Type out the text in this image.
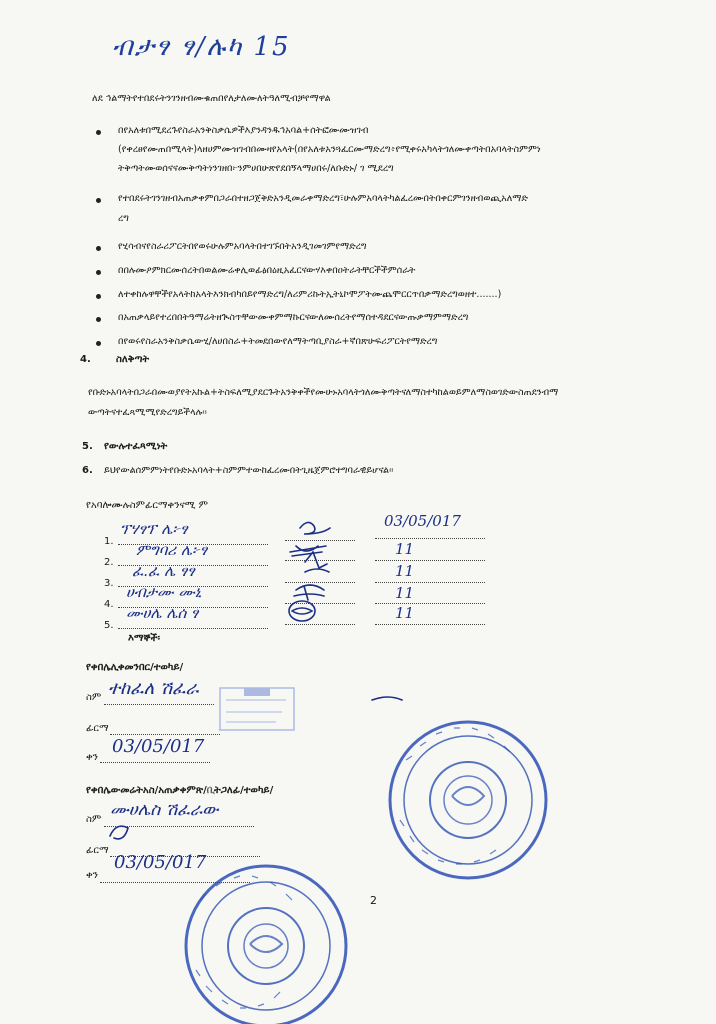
ብታፃ ፃ/ሉካ 15
ለደ ኅልማትየተበደሩትንገንዘብሙቁጠበየለታለሙለትዓለሚብቻየማዋል
በየአለቱበሚደረጉየስራአንቅስቃሴዎችእያንዳንዱኅአባል+ሰትፎሙሙዝገብ
(የቀረፀየሙጠበሚላት)ላዘሀምሙዝገብበሙዛየአላት(በየአለቱአንጓፈርሙማድረግ፥የሚቀሩአካላትጎለሙቀጣትበአባላትስምምነ
ትቅጣትሙወሰናናሙቅጣትነንገዘበ፦ንምሀበሁጽየደበኝላማሀበሩ/ለቡድኑ/ ገ ሚደረግ
የተበደሩትገንገዘብአጠቃቀምበጋራበተዘጋጀቅድአንዲመራቀማድረግ፣ሁሉምአባላትካልፈረሙበትበቀርምገንዘብወጪአለማድ
ረግ
የሂሳብናየስራሪፖርትበየወሩሁሉምአባላትበተገኙበትአንዲገመገምየማድረግ
በበሉሙዖምክርሙሰረትበወልሙሬቀሊወፊፅበዕዚአፈርናውሃእቀበዐትራትቸርችችምሰራት
ለተቀከሉዋቸችየአላትከአላትእንክብካበይየማድረግ/ለሪምሪኩትኢትኒኮሞፖትሙጨሞርርጥበቃማድረግወዘተ.......)
በአጠቃላይየተረበበትዓማሬትዘጒስጥቸውሙቀምማኩርናውለሙሰረትየማሰተዳደርናውጡቃማምማድረግ
በየወሩየስራአንቅስቃሴውሂ/ለሀበስራ+ትመደበውየለማትጣቢያስራ+ኛበጽሁፍሪፖርትየማድረግ
4.	ስለቅጣት
የቡድኑአባላትበጋራበሙወያየትአኩል+ትስፍለሚያደርጉትአንቅቀችየሙሁኑአባላትጎለሙቅጣትናለማስተካከልወይምለማስወገድውስጠደንብማ
ውጣትናተፈጻሚሚየድረግይችላሉ፡፡
5. የውሉተፈጻሚነት
6. ይህየውልሰምምነትየቡድኑአባላት+ስምምተውከፈረሙበትጊዜጀምሮተግባራዊይሆናል፡፡
የአባሎሙሉስምፊርማቀንናሚ ም
1.
ፕሃፃፕ ሌ፦ፃ	03/05/017
2.
ምግባሪ ሌ፦ፃ	11
3.
ፈ.ፈ ሌ ፃፃ	11
4.
ሀብታሙ ሙኒ	11
5.
ሙሀሌ ሌሰ ፃ	11
እማኞች፡
የቀበሌሊቀመንበር/ተወካይ/
ስም ተከፈለ ሽፈራ
ፊርማ
ቀን
03/05/017
የቀበሌውመሬትአስ/አጠቃቀምጽ/ቢትጋለፊ/ተወካይ/
ስም ሙሀሌስ ሽፈራው
ፊርማ
ቀን
03/05/017
2
